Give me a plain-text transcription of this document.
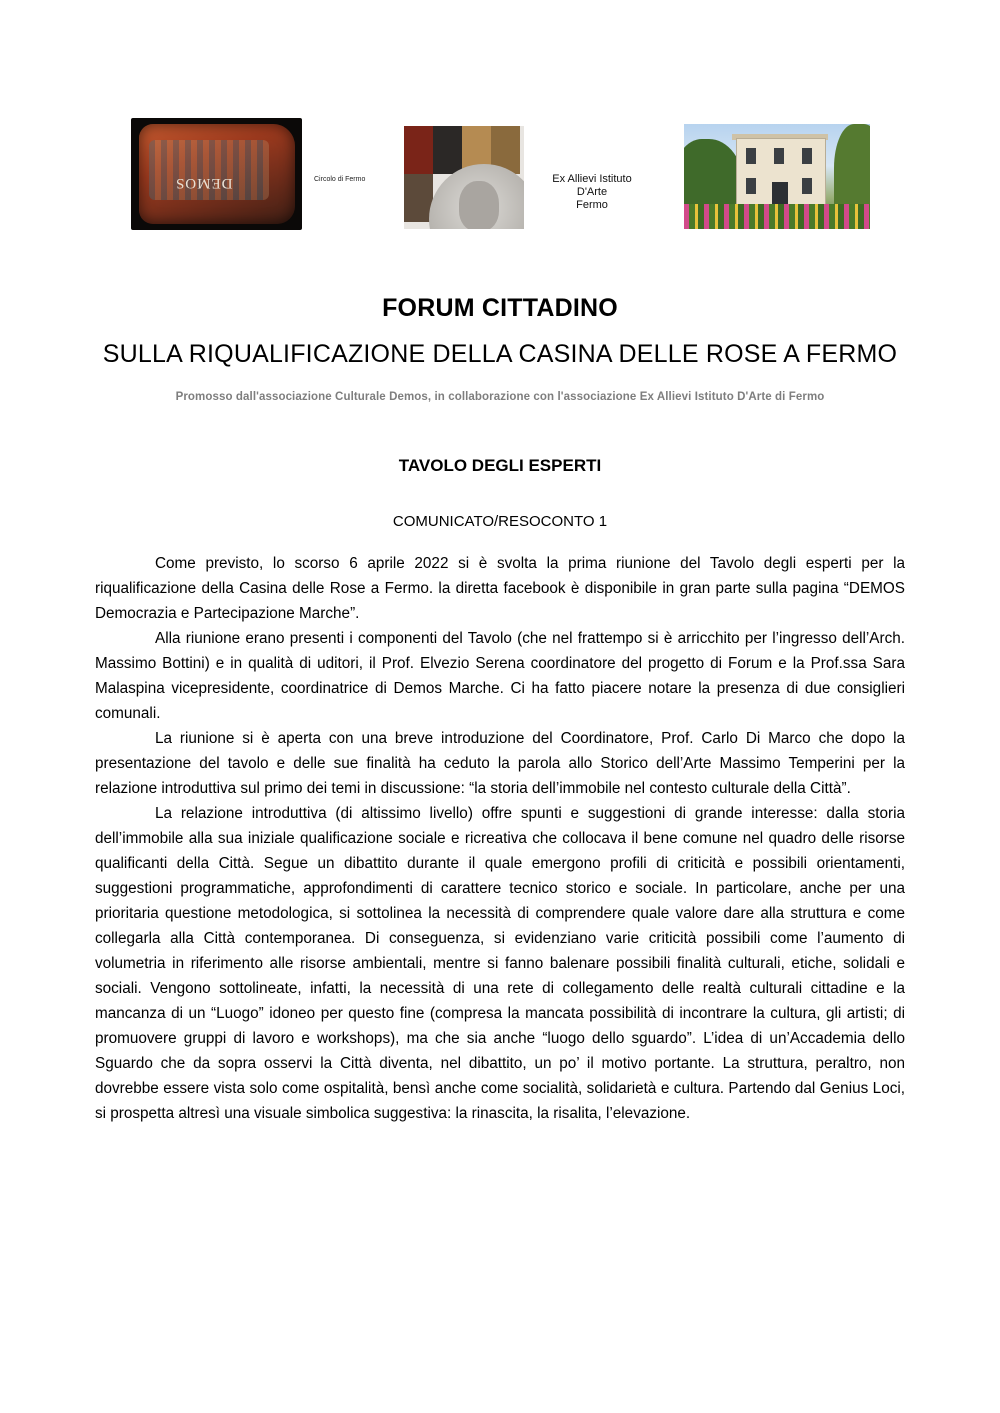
DEMOS	Circolo di Fermo	Ex Allievi Istituto D'Arte
Fermo
FORUM CITTADINO
SULLA RIQUALIFICAZIONE DELLA CASINA DELLE ROSE A FERMO
Promosso dall'associazione Culturale Demos, in collaborazione con l'associazione Ex Allievi Istituto D'Arte di Fermo
TAVOLO DEGLI ESPERTI
COMUNICATO/RESOCONTO 1

Come previsto, lo scorso 6 aprile 2022 si è svolta la prima riunione del Tavolo degli esperti per la riqualificazione della Casina delle Rose a Fermo. la diretta facebook è disponibile in gran parte sulla pagina “DEMOS Democrazia e Partecipazione Marche”.

Alla riunione erano presenti i componenti del Tavolo (che nel frattempo si è arricchito per l’ingresso dell’Arch. Massimo Bottini) e in qualità di uditori, il Prof. Elvezio Serena coordinatore del progetto di Forum e la Prof.ssa Sara Malaspina vicepresidente, coordinatrice di Demos Marche. Ci ha fatto piacere notare la presenza di due consiglieri comunali.

La riunione si è aperta con una breve introduzione del Coordinatore, Prof. Carlo Di Marco che dopo la presentazione del tavolo e delle sue finalità ha ceduto la parola allo Storico dell’Arte Massimo Temperini per la relazione introduttiva sul primo dei temi in discussione: “la storia dell’immobile nel contesto culturale della Città”.

La relazione introduttiva (di altissimo livello) offre spunti e suggestioni di grande interesse: dalla storia dell’immobile alla sua iniziale qualificazione sociale e ricreativa che collocava il bene comune nel quadro delle risorse qualificanti della Città. Segue un dibattito durante il quale emergono profili di criticità e possibili orientamenti, suggestioni programmatiche, approfondimenti di carattere tecnico storico e sociale. In particolare, anche per una prioritaria questione metodologica, si sottolinea la necessità di comprendere quale valore dare alla struttura e come collegarla alla Città contemporanea. Di conseguenza, si evidenziano varie criticità possibili come l’aumento di volumetria in riferimento alle risorse ambientali, mentre si fanno balenare possibili finalità culturali, etiche, solidali e sociali. Vengono sottolineate, infatti, la necessità di una rete di collegamento delle realtà culturali cittadine e la mancanza di un “Luogo” idoneo per questo fine (compresa la mancata possibilità di incontrare la cultura, gli artisti; di promuovere gruppi di lavoro e workshops), ma che sia anche “luogo dello sguardo”. L’idea di un’Accademia dello Sguardo che da sopra osservi la Città diventa, nel dibattito, un po’ il motivo portante. La struttura, peraltro, non dovrebbe essere vista solo come ospitalità, bensì anche come socialità, solidarietà e cultura. Partendo dal Genius Loci, si prospetta altresì una visuale simbolica suggestiva: la rinascita, la risalita, l’elevazione.
